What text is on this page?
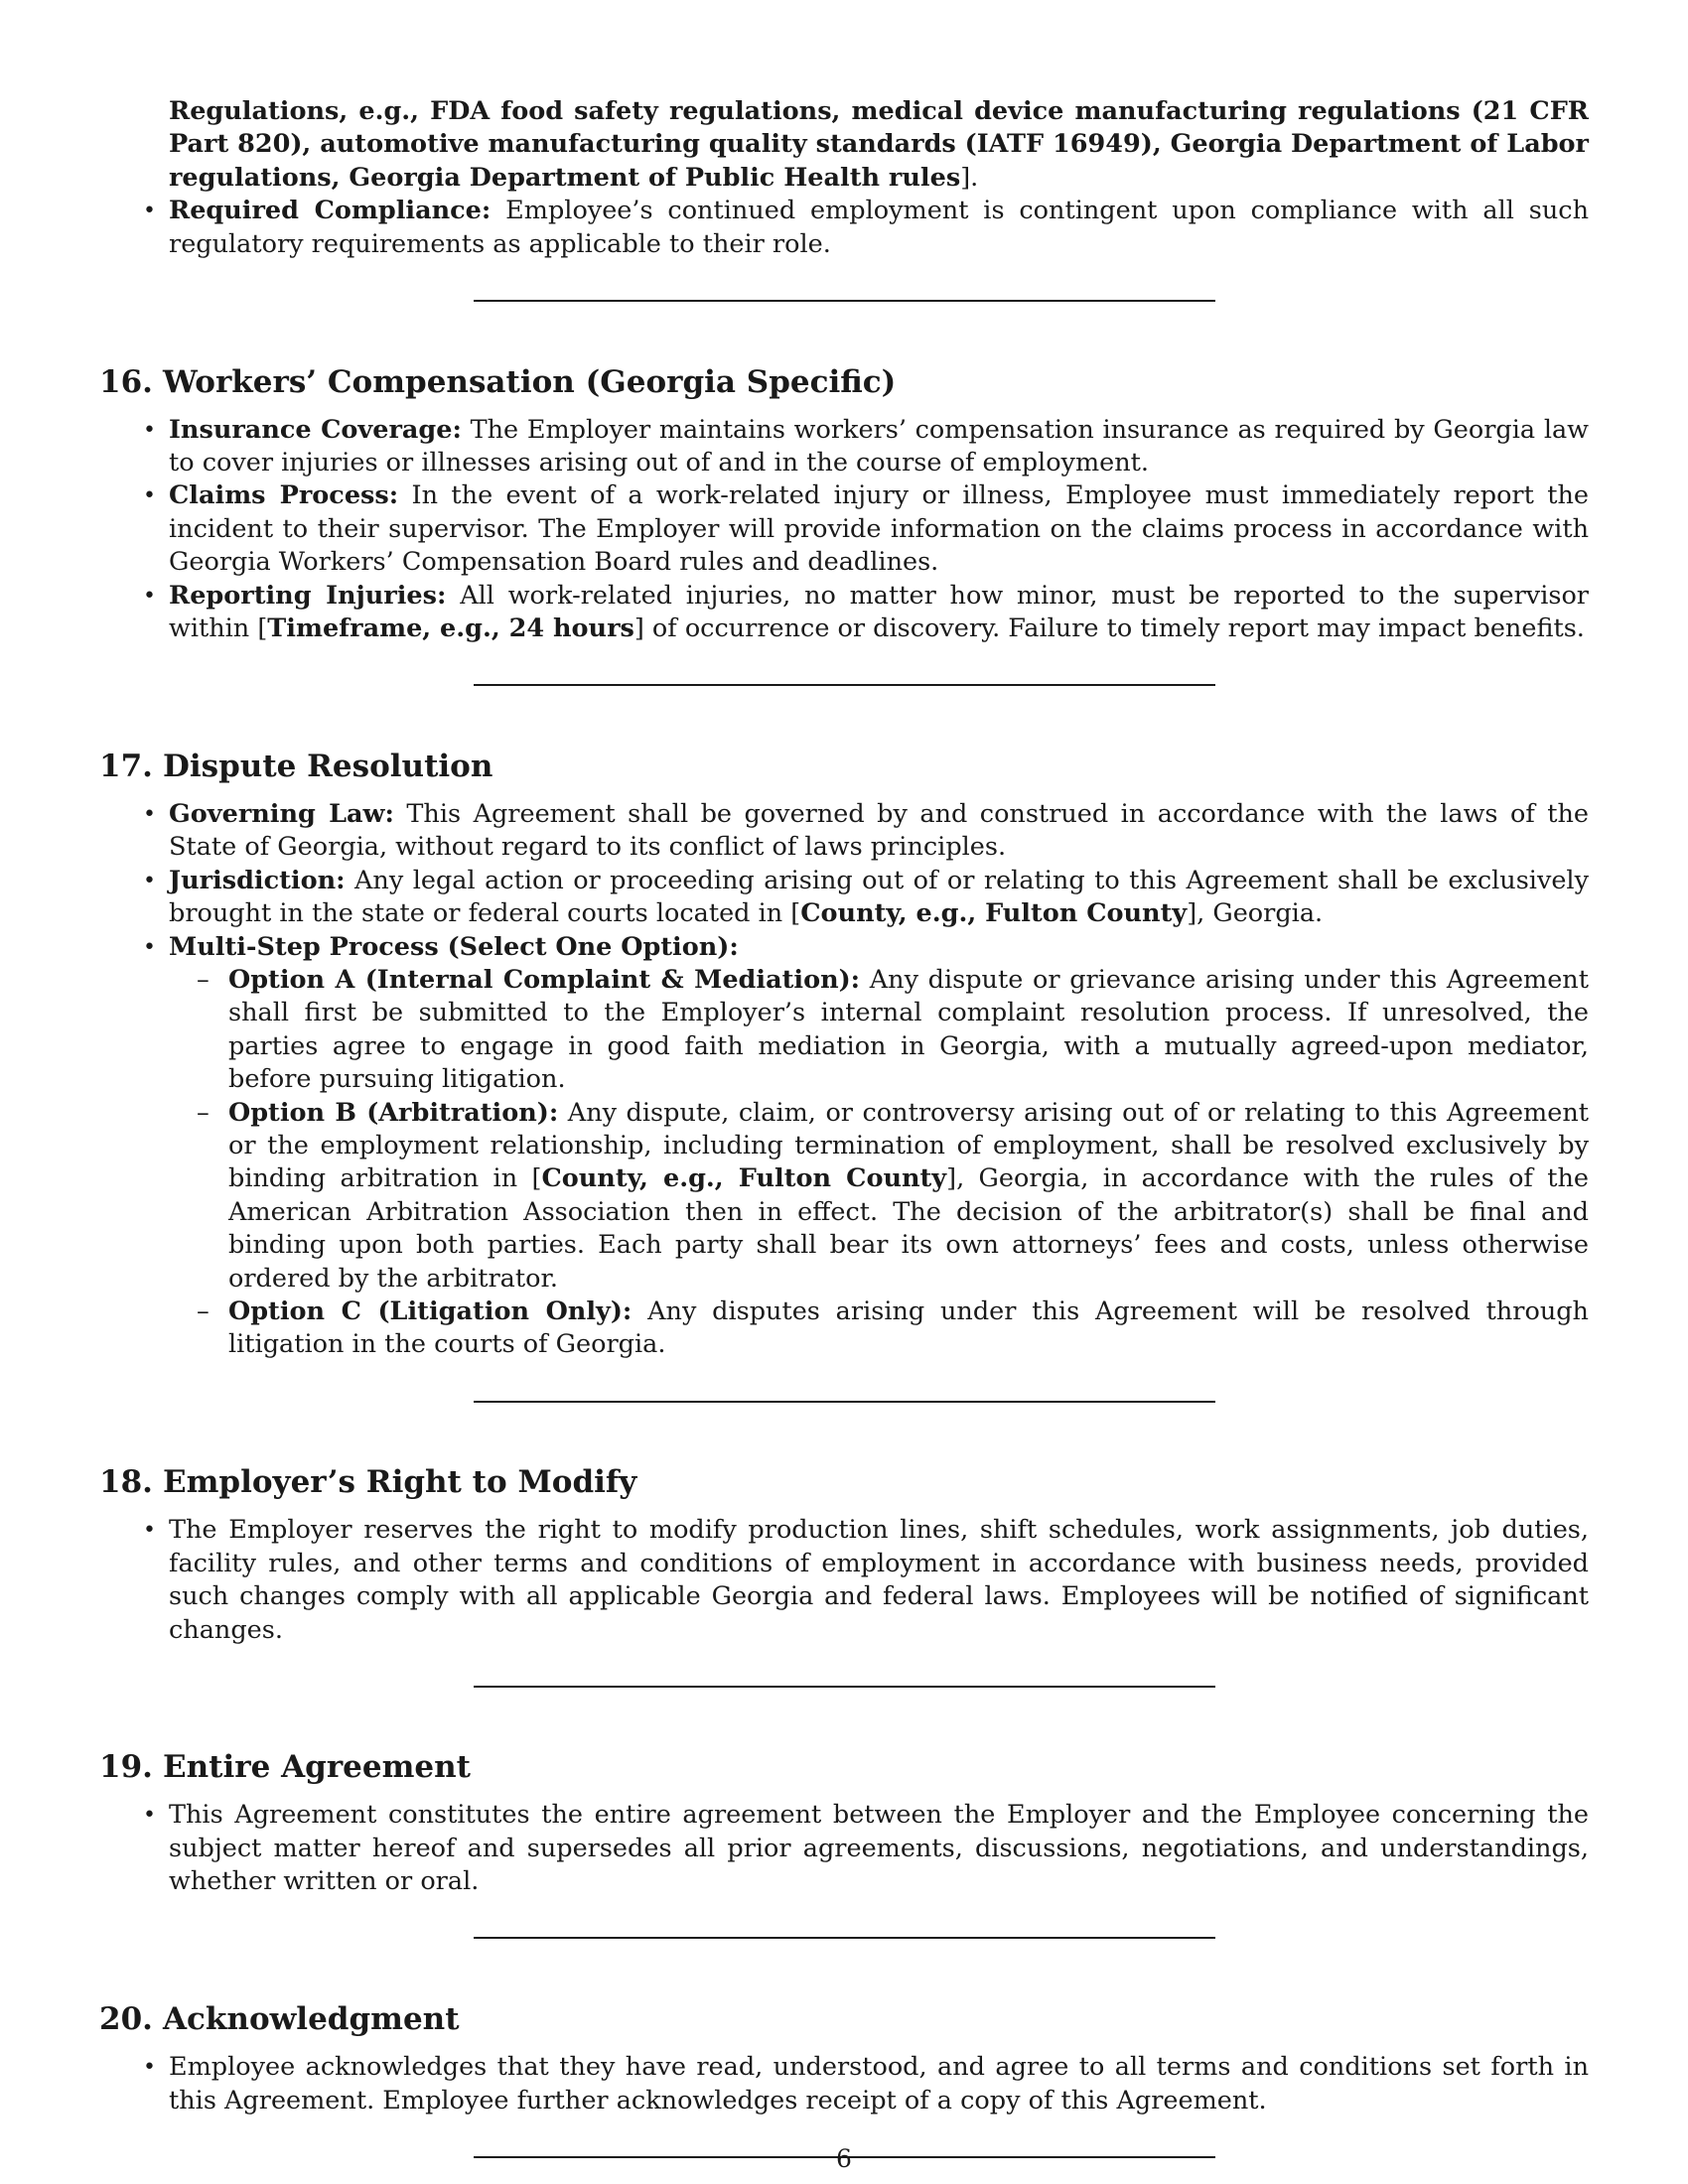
Regulations, e.g., FDA food safety regulations, medical device manufacturing regulations (21 CFR Part 820), automotive manufacturing quality standards (IATF 16949), Georgia Department of Labor regulations, Georgia Department of Public Health rules].
• Required Compliance: Employee’s continued employment is contingent upon compliance with all such regulatory requirements as applicable to their role.
16. Workers’ Compensation (Georgia Specific)
• Insurance Coverage: The Employer maintains workers’ compensation insurance as required by Georgia law to cover injuries or illnesses arising out of and in the course of employment.
• Claims Process: In the event of a work-related injury or illness, Employee must immediately report the incident to their supervisor. The Employer will provide information on the claims process in accordance with Georgia Workers’ Compensation Board rules and deadlines.
• Reporting Injuries: All work-related injuries, no matter how minor, must be reported to the supervisor within [Timeframe, e.g., 24 hours] of occurrence or discovery. Failure to timely report may impact benefits.
17. Dispute Resolution
• Governing Law: This Agreement shall be governed by and construed in accordance with the laws of the State of Georgia, without regard to its conflict of laws principles.
• Jurisdiction: Any legal action or proceeding arising out of or relating to this Agreement shall be exclusively brought in the state or federal courts located in [County, e.g., Fulton County], Georgia.
• Multi-Step Process (Select One Option):
– Option A (Internal Complaint & Mediation): Any dispute or grievance arising under this Agreement shall first be submitted to the Employer’s internal complaint resolution process. If unresolved, the parties agree to engage in good faith mediation in Georgia, with a mutually agreed-upon mediator, before pursuing litigation.
– Option B (Arbitration): Any dispute, claim, or controversy arising out of or relating to this Agreement or the employment relationship, including termination of employment, shall be resolved exclusively by binding arbitration in [County, e.g., Fulton County], Georgia, in accordance with the rules of the American Arbitration Association then in effect. The decision of the arbitrator(s) shall be final and binding upon both parties. Each party shall bear its own attorneys’ fees and costs, unless otherwise ordered by the arbitrator.
– Option C (Litigation Only): Any disputes arising under this Agreement will be resolved through litigation in the courts of Georgia.
18. Employer’s Right to Modify
• The Employer reserves the right to modify production lines, shift schedules, work assignments, job duties, facility rules, and other terms and conditions of employment in accordance with business needs, provided such changes comply with all applicable Georgia and federal laws. Employees will be notified of significant changes.
19. Entire Agreement
• This Agreement constitutes the entire agreement between the Employer and the Employee concerning the subject matter hereof and supersedes all prior agreements, discussions, negotiations, and understandings, whether written or oral.
20. Acknowledgment
• Employee acknowledges that they have read, understood, and agree to all terms and conditions set forth in this Agreement. Employee further acknowledges receipt of a copy of this Agreement.
6
